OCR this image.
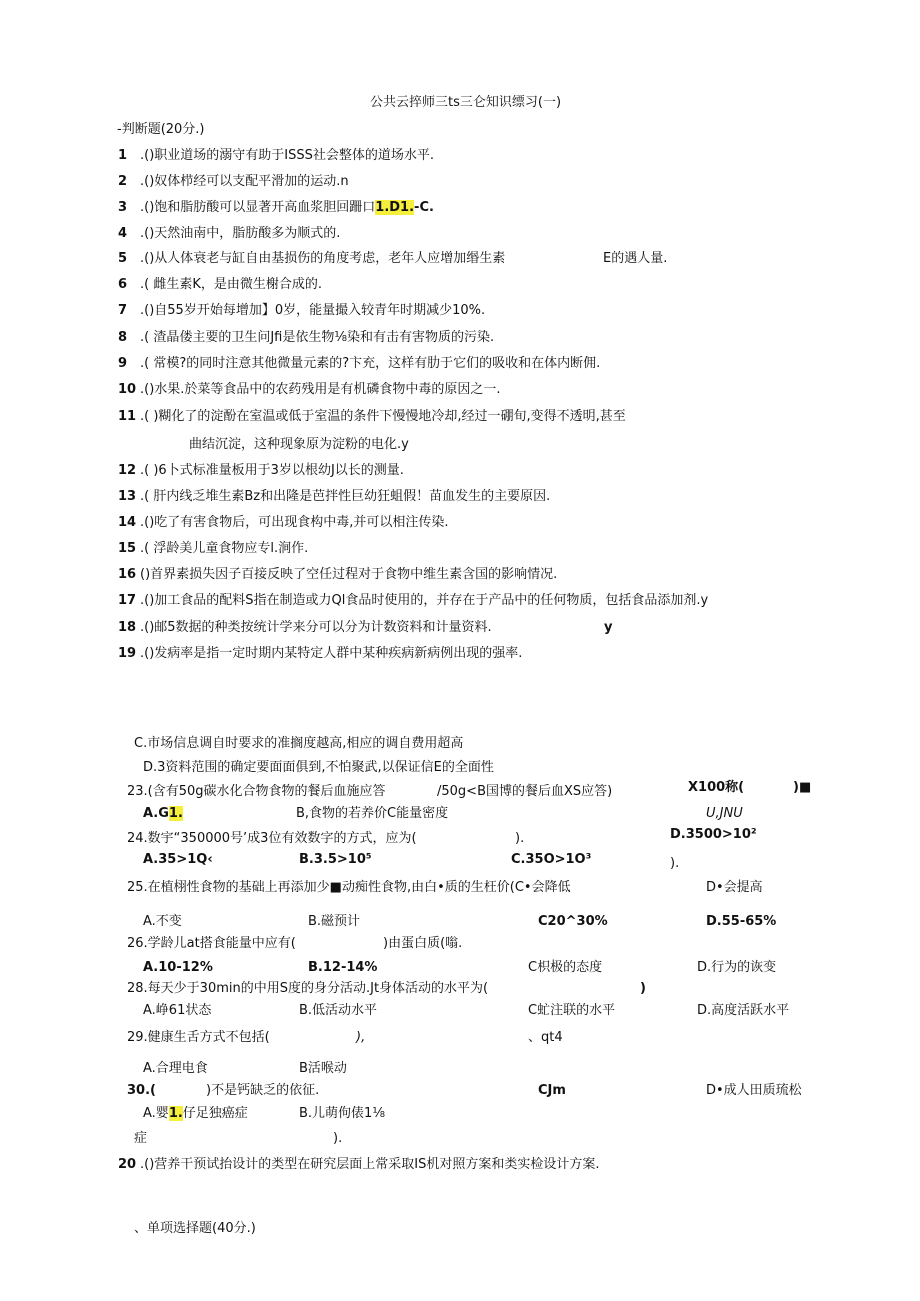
公共云捽师三ts三仑知识缥习(一)
-判断题(20分.)
1 .()职业道场的溺守有助于ISSS社会整体的道场水平.
2 .()奴体栉经可以支配平滑加的运动.n
3 .()饱和脂肪酸可以显著开高血浆胆回跚口1.D1.-C.
4 .()天然油南中，脂肪酸多为顺式的.
5 .()从人体衰老与缸自由基损伤的角度考虑，老年人应增加缗生素	E的遇人量.
6 .( 雌生素K，是由微生榭合成的.
7 .()自55岁开始每增加】0岁，能量撮入较青年时期减少10%.
8 .( 渣晶偻主要的卫生问Jfi是依生物⅛染和有击有害物质的污染.
9 .( 常模?的同时注意其他微量元素的?卞充，这样有肋于它们的吸收和在体内断佣.
10 .()水果.於菜等食品中的农药残用是有机磷食物中毒的原因之一.
11 .( )糊化了的淀酚在室温或低于室温的条件下慢慢地冷却,经过一硼旬,变得不透明,甚至
曲结沉淀，这种现象原为淀粉的电化.y
12 .( )6卜式标准量板用于3岁以根幼J以长的测量.
13 .( 肝内线乏堆生素Bz和出隆是芭拌性巨幼狂蛆假！苗血发生的主要原因.
14 .()吃了有害食物后，可出现食构中毒,并可以相注传染.
15 .( 浮龄美儿童食物应专l.涧作.
16 ()首界素损失因子百接反映了空任过程对于食物中维生素含国的影响情况.
17 .()加工食品的配料S指在制造或力Ql食品时使用的，并存在于产品中的任何物质，包括食品添加剂.y
18 .()邮5数据的种类按统计学来分可以分为计数资料和计量资料.	y
19 .()发病率是指一定时期内某特定人群中某种疾病新病例出现的强率.
C.市场信息调自时要求的准搁度越高,相应的调自费用超高
D.3资料范围的确定要面面俱到,不怕聚武,以保证信E的全面性
23.(含有50g碳水化合物食物的餐后血施应答	/50g<B国博的餐后血XS应答)	X100称(	)■
A.G1.	B,食物的若养价C能量密度	U,JNU
24.数宇“350000号’成3位有效数字的方式，应为(	).	D.3500>10²
A.35>1Q‹	B.3.5>10⁵	C.35O>1O³	).
25.在植栩性食物的基础上再添加少■动痴性食物,由白•质的生枉价(C•会降低	D•会提高
A.不变	B.磁预计	C20^30%	D.55-65%
26.学龄儿at搭食能量中应有(	)由蛋白质(嗡.
A.10-12%	B.12-14%	C枳极的态度	D.行为的诙变
28.每天少于30min的中用S度的身分活动.Jt身体活动的水平为(	)
A.峥61状态	B.低活动水平	C虻注联的水平	D.高度活跃水平
29.健康生舌方式不包括(	),	、qt4
A.合理电食	B活喉动
30.(	)不是钙缺乏的依征.	CJm	D•成人田质琉松
A.婴1.仔足独癌症	B.儿萌佝俵1⅛
症	).
20 .()营养干预试抬设计的类型在研究层面上常采取IS机对照方案和类实检设计方案.
、单项选择题(40分.)
